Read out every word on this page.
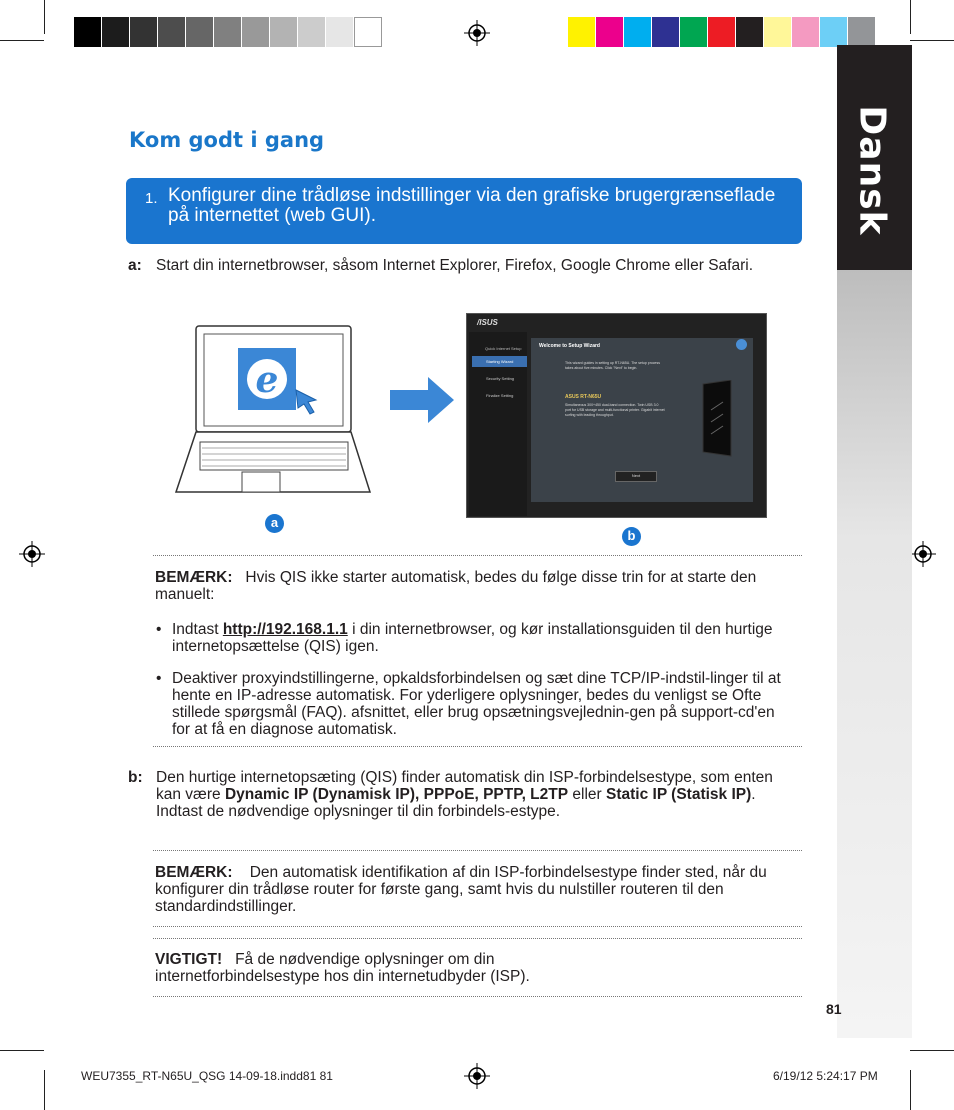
Dansk
Kom godt i gang
1. Konfigurer dine trådløse indstillinger via den grafiske brugergrænseflade på internettet (web GUI).
a: Start din internetbrowser, såsom Internet Explorer, Firefox, Google Chrome eller Safari.
e
/ISUS
Quick Internet Setup
Starting Wizard
Security Setting
Finalize Setting
Welcome to Setup Wizard
This wizard guides in setting up RT-N65U. The setup process takes about five minutes. Click "Next" to begin.
ASUS RT-N65U
Simultaneous 300+450 dual-band connection. Twin USB 3.0 port for USB storage and multi-functional printer. Gigabit internet surfing with leading throughput.
Next
a
b
BEMÆRK: Hvis QIS ikke starter automatisk, bedes du følge disse trin for at starte den manuelt:
• Indtast http://192.168.1.1 i din internetbrowser, og kør installationsguiden til den hurtige internetopsættelse (QIS) igen.
• Deaktiver proxyindstillingerne, opkaldsforbindelsen og sæt dine TCP/IP-indstil-linger til at hente en IP-adresse automatisk. For yderligere oplysninger, bedes du venligst se Ofte stillede spørgsmål (FAQ). afsnittet, eller brug opsætningsvejlednin-gen på support-cd'en for at få en diagnose automatisk.
b: Den hurtige internetopsæting (QIS) finder automatisk din ISP-forbindelsestype, som enten kan være Dynamic IP (Dynamisk IP), PPPoE, PPTP, L2TP eller Static IP (Statisk IP). Indtast de nødvendige oplysninger til din forbindels-estype.
BEMÆRK: Den automatisk identifikation af din ISP-forbindelsestype finder sted, når du konfigurer din trådløse router for første gang, samt hvis du nulstiller routeren til den standardindstillinger.
VIGTIGT! Få de nødvendige oplysninger om din internetforbindelsestype hos din internetudbyder (ISP).
81
WEU7355_RT-N65U_QSG 14-09-18.indd81 81	6/19/12 5:24:17 PM
